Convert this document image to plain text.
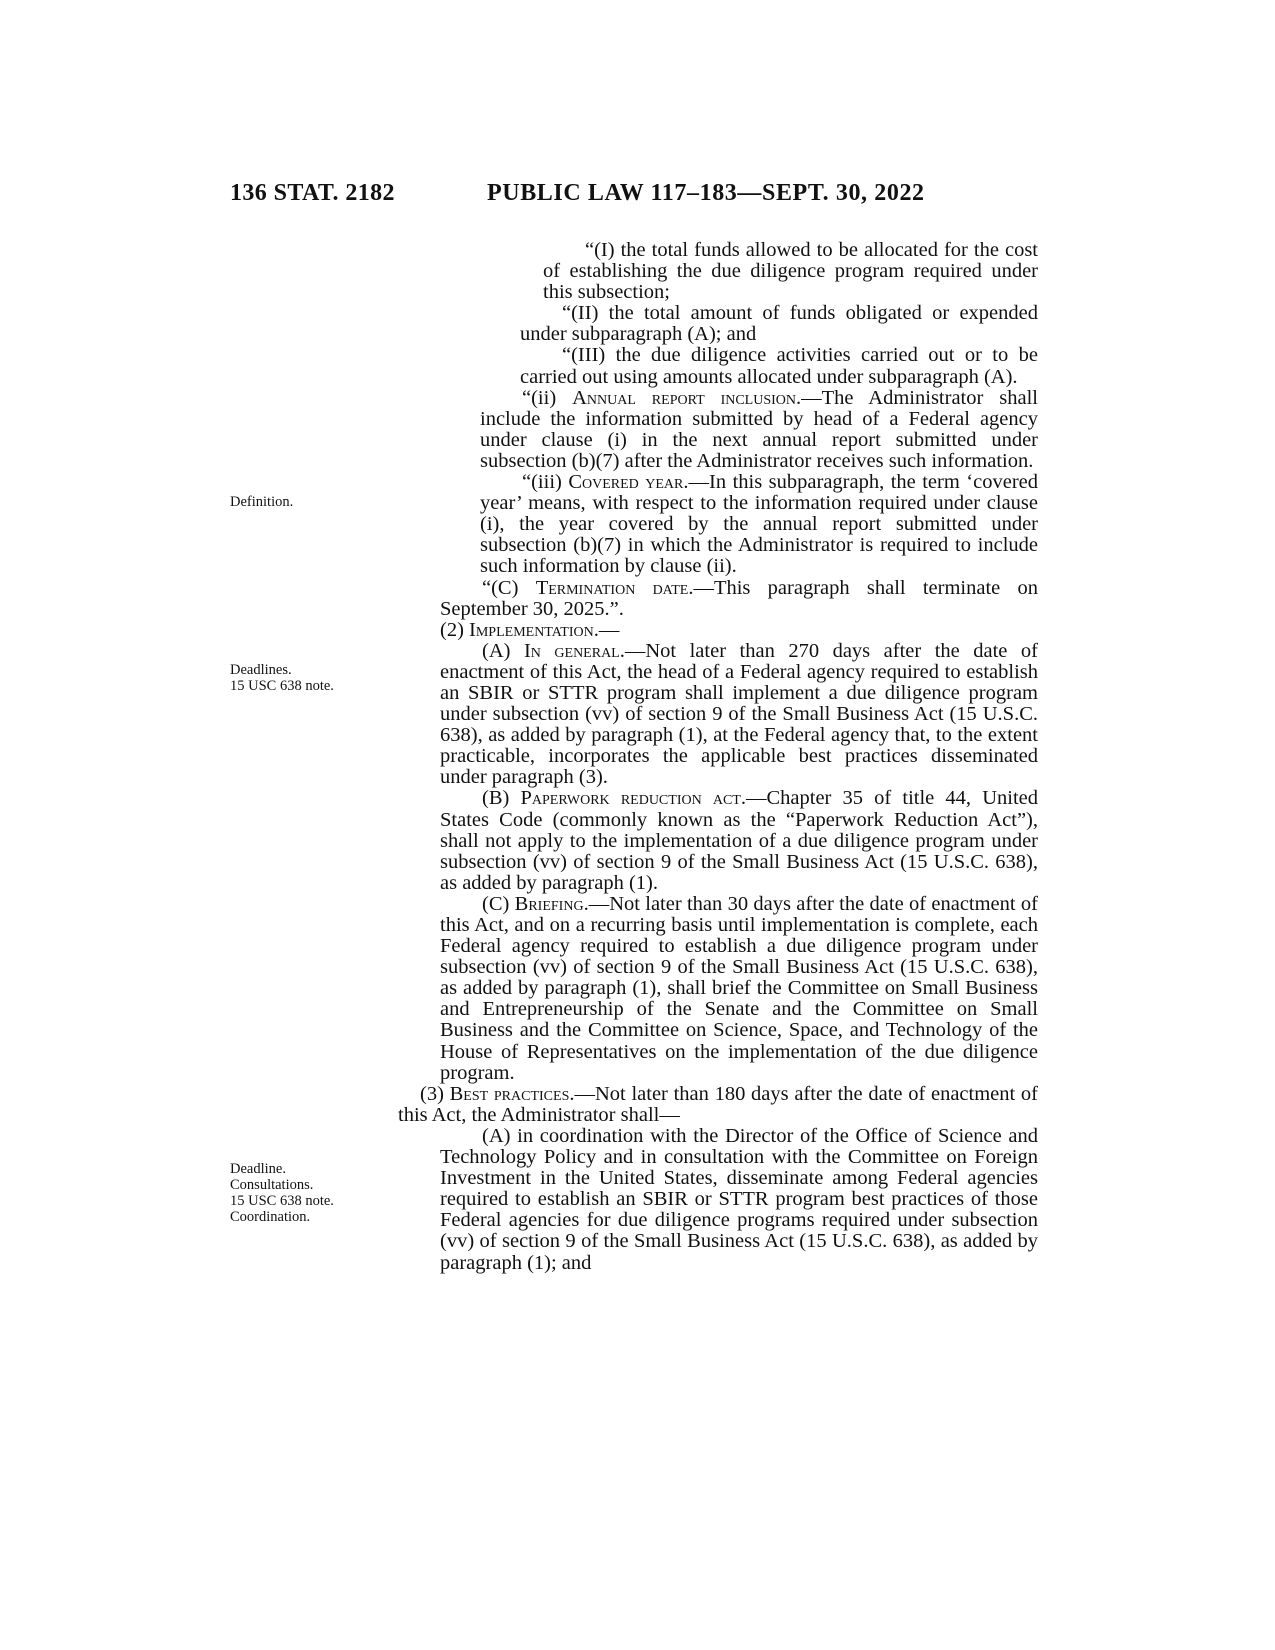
136 STAT. 2182	PUBLIC LAW 117–183—SEPT. 30, 2022
Definition.
Deadlines.
15 USC 638 note.
Deadline.
Consultations.
15 USC 638 note.
Coordination.

“(I) the total funds allowed to be allocated for the cost of establishing the due diligence program required under this subsection;

“(II) the total amount of funds obligated or expended under subparagraph (A); and

“(III) the due diligence activities carried out or to be carried out using amounts allocated under subparagraph (A).

“(ii) Annual report inclusion.—The Administrator shall include the information submitted by head of a Federal agency under clause (i) in the next annual report submitted under subsection (b)(7) after the Administrator receives such information.

“(iii) Covered year.—In this subparagraph, the term ‘covered year’ means, with respect to the information required under clause (i), the year covered by the annual report submitted under subsection (b)(7) in which the Administrator is required to include such information by clause (ii).

“(C) Termination date.—This paragraph shall terminate on September 30, 2025.”.

(2) Implementation.—

(A) In general.—Not later than 270 days after the date of enactment of this Act, the head of a Federal agency required to establish an SBIR or STTR program shall implement a due diligence program under subsection (vv) of section 9 of the Small Business Act (15 U.S.C. 638), as added by paragraph (1), at the Federal agency that, to the extent practicable, incorporates the applicable best practices disseminated under paragraph (3).

(B) Paperwork reduction act.—Chapter 35 of title 44, United States Code (commonly known as the “Paperwork Reduction Act”), shall not apply to the implementation of a due diligence program under subsection (vv) of section 9 of the Small Business Act (15 U.S.C. 638), as added by paragraph (1).

(C) Briefing.—Not later than 30 days after the date of enactment of this Act, and on a recurring basis until implementation is complete, each Federal agency required to establish a due diligence program under subsection (vv) of section 9 of the Small Business Act (15 U.S.C. 638), as added by paragraph (1), shall brief the Committee on Small Business and Entrepreneurship of the Senate and the Committee on Small Business and the Committee on Science, Space, and Technology of the House of Representatives on the implementation of the due diligence program.

(3) Best practices.—Not later than 180 days after the date of enactment of this Act, the Administrator shall—

(A) in coordination with the Director of the Office of Science and Technology Policy and in consultation with the Committee on Foreign Investment in the United States, disseminate among Federal agencies required to establish an SBIR or STTR program best practices of those Federal agencies for due diligence programs required under subsection (vv) of section 9 of the Small Business Act (15 U.S.C. 638), as added by paragraph (1); and
